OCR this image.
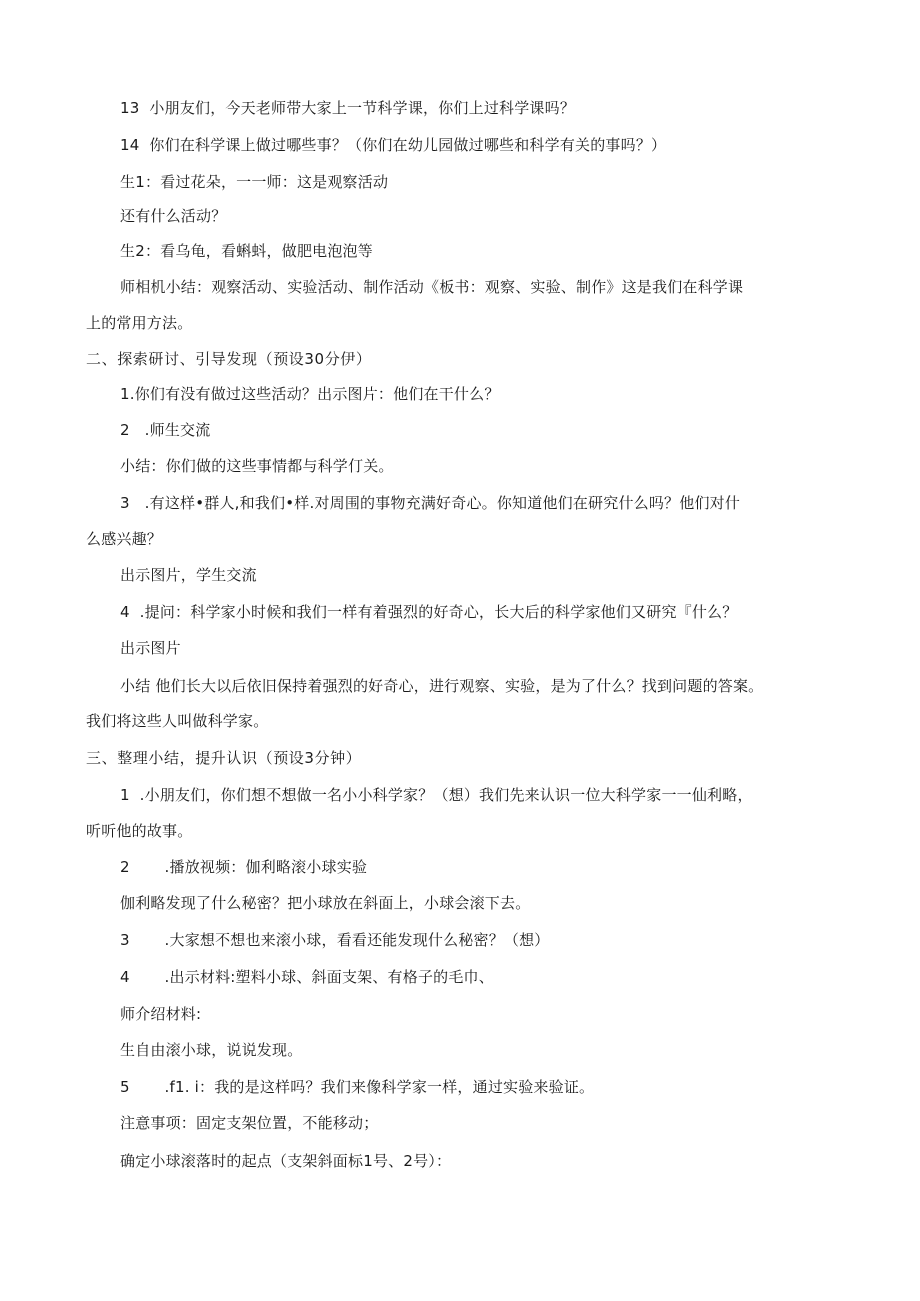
13  小朋友们，今天老师带大家上一节科学课，你们上过科学课吗？
14  你们在科学课上做过哪些事？（你们在幼儿园做过哪些和科学有关的事吗？）
生1：看过花朵，一一师：这是观察活动
还有什么活动？
生2：看乌龟，看蝌蚪，做肥电泡泡等
师相机小结：观察活动、实验活动、制作活动《板书：观察、实验、制作》这是我们在科学课
上的常用方法。
二、探索研讨、引导发现（预设30分伊）
1.你们有没有做过这些活动？出示图片：他们在干什么？
2   .师生交流
小结：你们做的这些事情都与科学仃关。
3   .有这样•群人,和我们•样.对周围的事物充满好奇心。你知道他们在研究什么吗？他们对什
么感兴趣？
出示图片，学生交流
4  .提问：科学家小时候和我们一样有着强烈的好奇心，长大后的科学家他们又研究『什么？
出示图片
小结 他们长大以后依旧保持着强烈的好奇心，进行观察、实验，是为了什么？找到问题的答案。
我们将这些人叫做科学家。
三、整理小结，提升认识（预设3分钟）
1  .小朋友们，你们想不想做一名小小科学家？（想）我们先来认识一位大科学家一一仙利略，
听听他的故事。
2       .播放视频：伽利略滚小球实验
伽利略发现了什么秘密？把小球放在斜面上，小球会滚下去。
3       .大家想不想也来滚小球，看看还能发现什么秘密？（想）
4       .出示材料:塑料小球、斜面支架、有格子的毛巾、
师介绍材料:
生自由滚小球，说说发现。
5       .f1. i：我的是这样吗？我们来像科学家一样，通过实验来验证。
注意事项：固定支架位置，不能移动；
确定小球滚落时的起点（支架斜面标1号、2号）：
